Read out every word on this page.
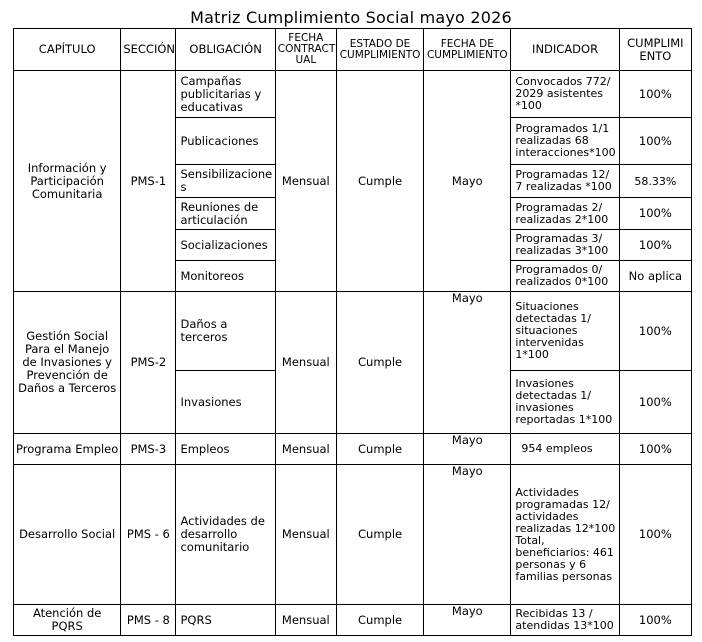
Matriz Cumplimiento Social mayo 2026
CAPÍTULO	SECCIÓN	OBLIGACIÓN	FECHA CONTRACT UAL	ESTADO DE CUMPLIMIENTO	FECHA DE CUMPLIMIENTO	INDICADOR	CUMPLIMI ENTO
Información y Participación Comunitaria	PMS-1	Campañas publicitarias y educativas	Mensual	Cumple	Mayo	Convocados 772/ 2029 asistentes *100	100%
		Publicaciones				Programados 1/1 realizadas 68 interacciones*100	100%
		Sensibilizacione s				Programadas 12/ 7 realizadas *100	58.33%
		Reuniones de articulación				Programadas 2/ realizadas 2*100	100%
		Socializaciones				Programadas 3/ realizadas 3*100	100%
		Monitoreos				Programados 0/ realizados 0*100	No aplica
Gestión Social Para el Manejo de Invasiones y Prevención de Daños a Terceros	PMS-2	Daños a terceros	Mensual	Cumple	Mayo	Situaciones detectadas 1/ situaciones intervenidas 1*100	100%
		Invasiones				Invasiones detectadas 1/ invasiones reportadas 1*100	100%
Programa Empleo	PMS-3	Empleos	Mensual	Cumple	Mayo	954 empleos	100%
Desarrollo Social	PMS - 6	Actividades de desarrollo comunitario	Mensual	Cumple	Mayo	Actividades programadas 12/ actividades realizadas 12*100 Total, beneficiarios: 461 personas y 6 familias personas	100%
Atención de PQRS	PMS - 8	PQRS	Mensual	Cumple	Mayo	Recibidas 13 / atendidas 13*100	100%
